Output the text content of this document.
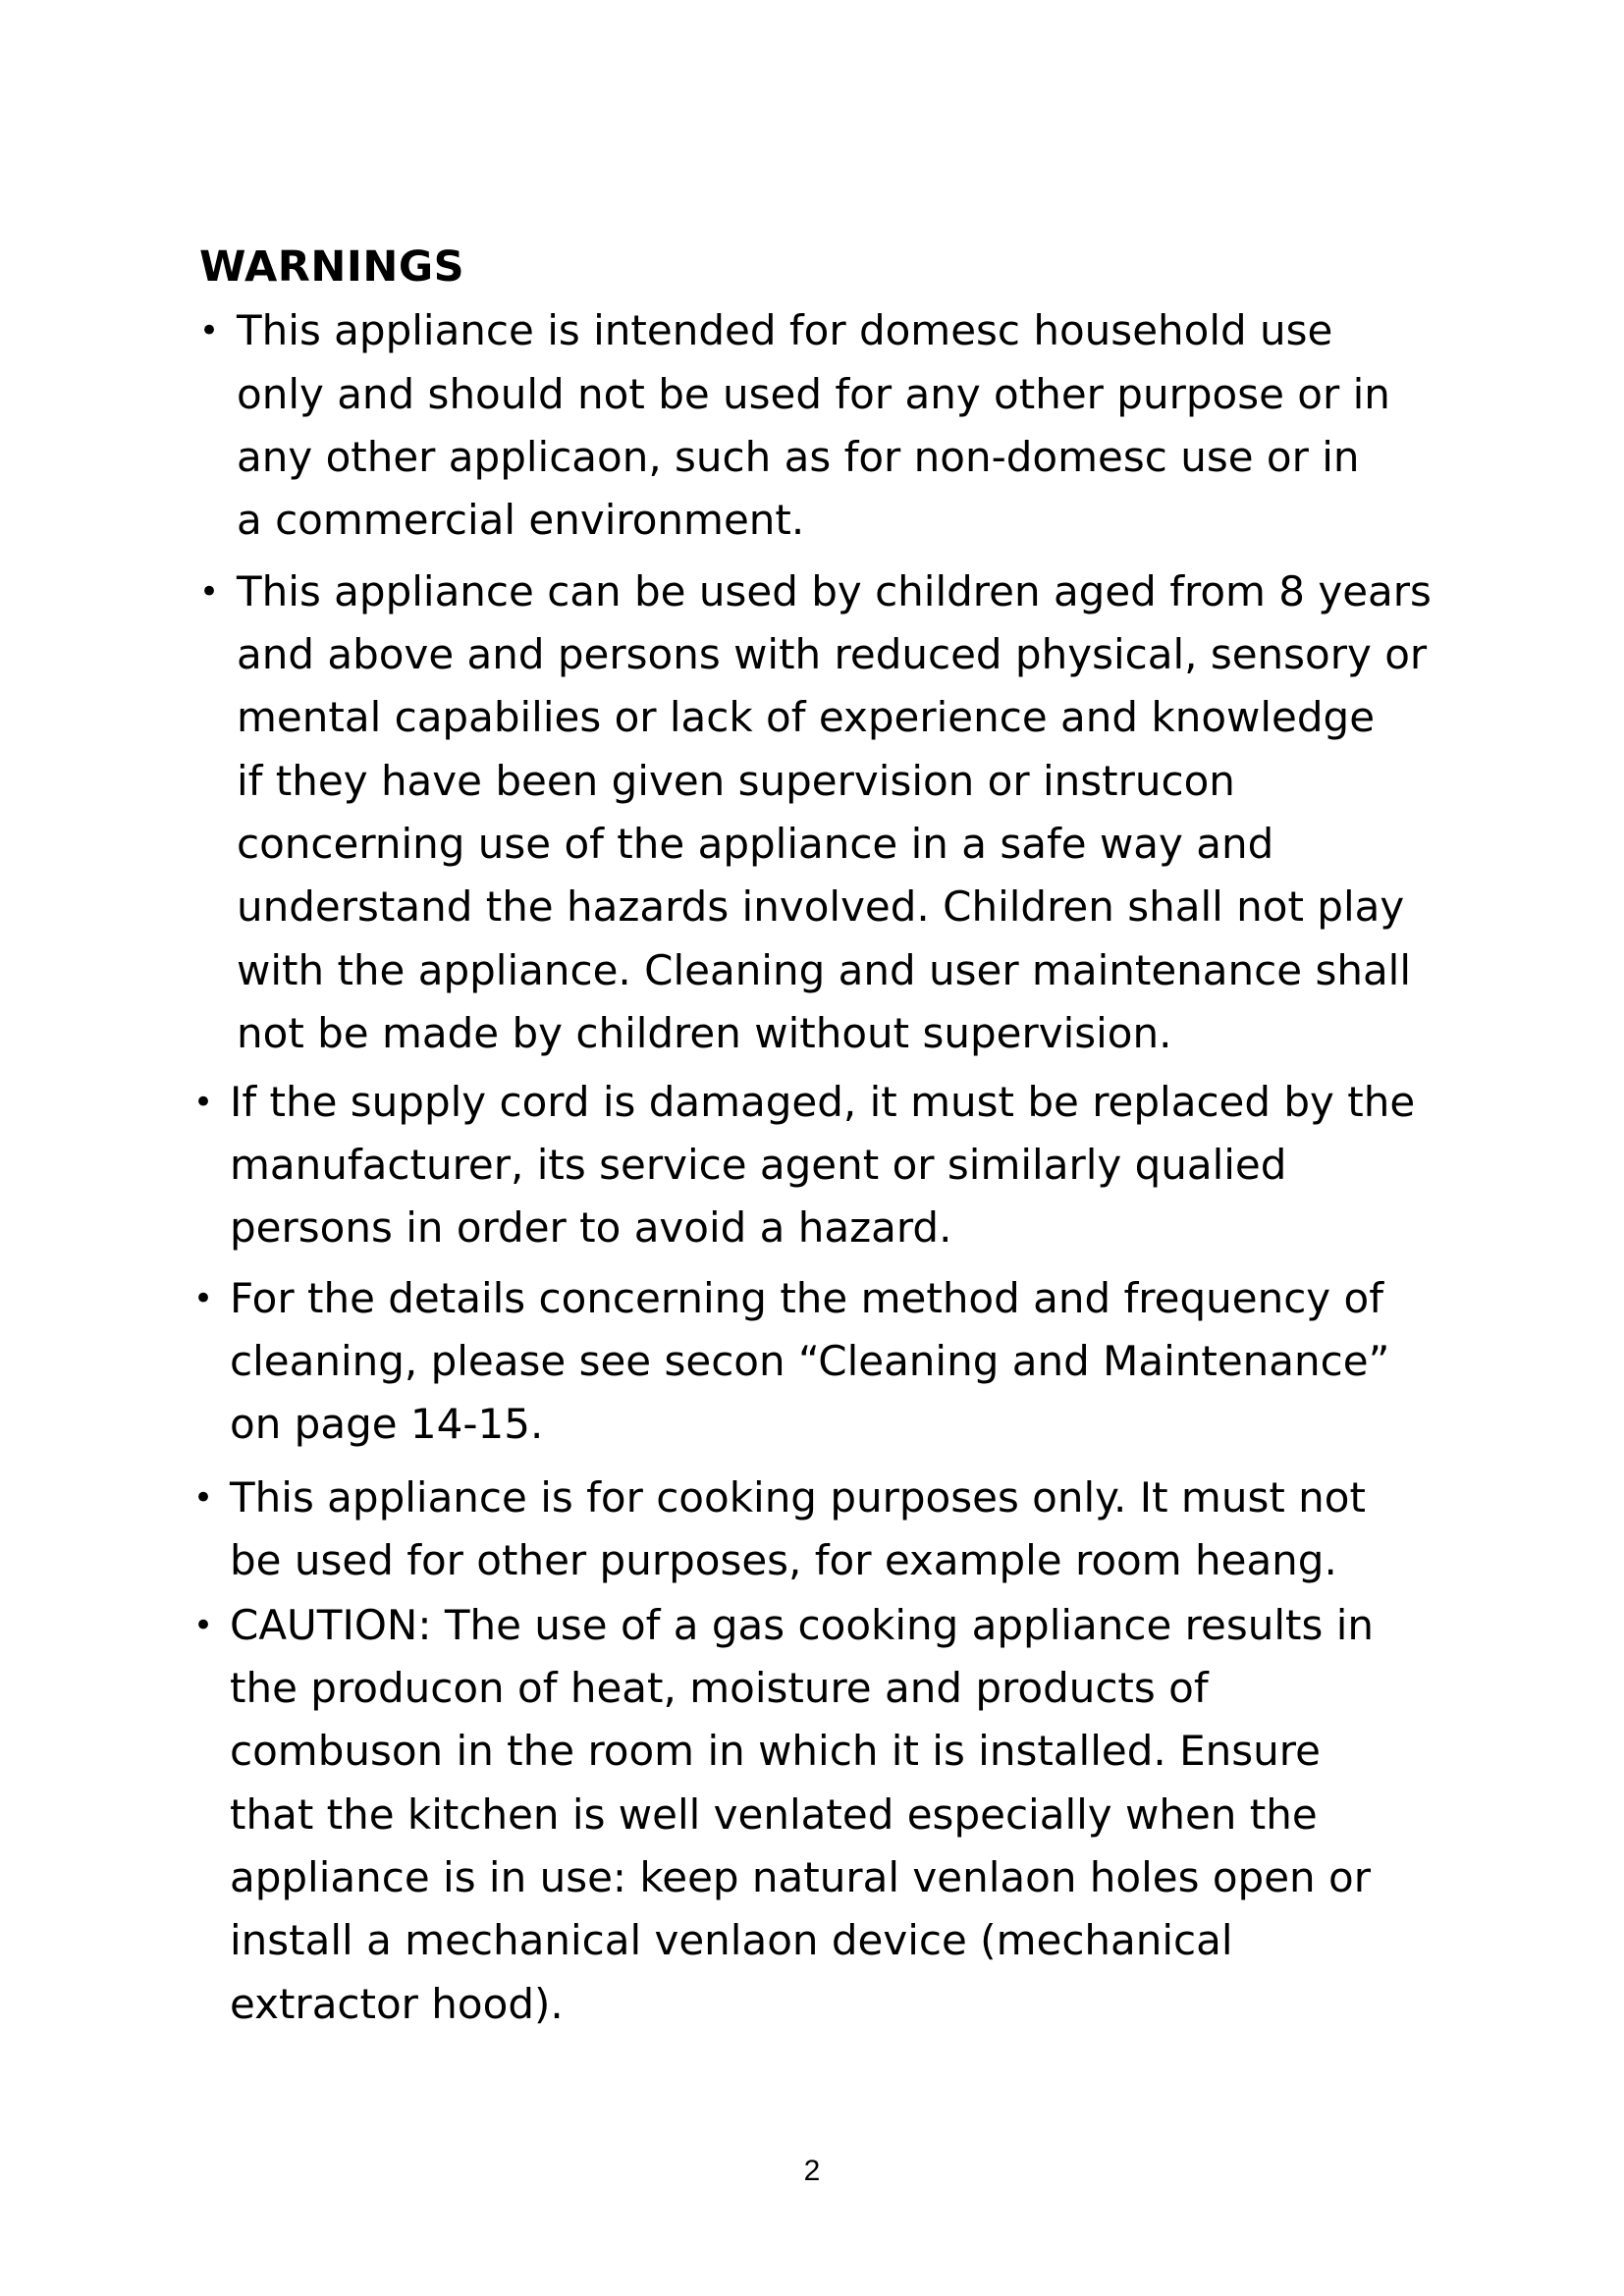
WARNINGS
• This appliance is intended for domesc household use
only and should not be used for any other purpose or in
any other applicaon, such as for non-domesc use or in
a commercial environment.
• This appliance can be used by children aged from 8 years
and above and persons with reduced physical, sensory or
mental capabilies or lack of experience and knowledge
if they have been given supervision or instrucon
concerning use of the appliance in a safe way and
understand the hazards involved. Children shall not play
with the appliance. Cleaning and user maintenance shall
not be made by children without supervision.
• If the supply cord is damaged, it must be replaced by the
manufacturer, its service agent or similarly qualied
persons in order to avoid a hazard.
• For the details concerning the method and frequency of
cleaning, please see secon “Cleaning and Maintenance”
on page 14-15.
• This appliance is for cooking purposes only. It must not
be used for other purposes, for example room heang.
• CAUTION: The use of a gas cooking appliance results in
the producon of heat, moisture and products of
combuson in the room in which it is installed. Ensure
that the kitchen is well venlated especially when the
appliance is in use: keep natural venlaon holes open or
install a mechanical venlaon device (mechanical
extractor hood).
2
